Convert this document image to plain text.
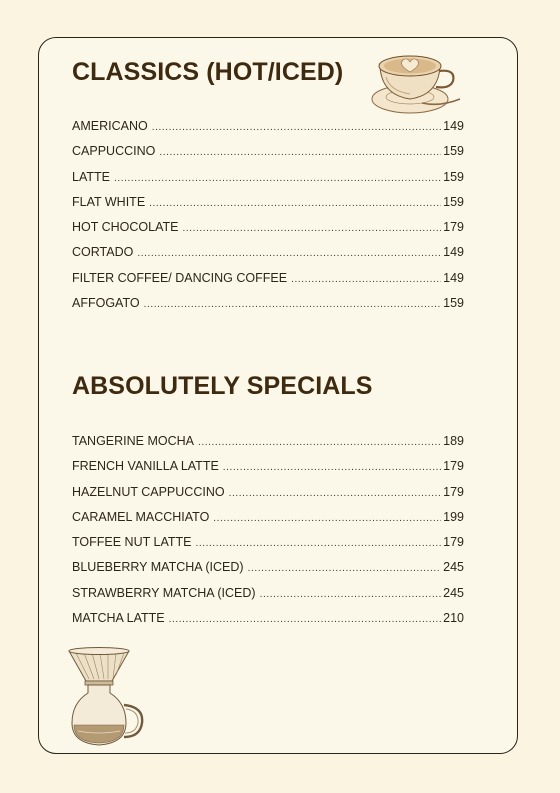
CLASSICS (HOT/ICED)
AMERICANO .....	149
CAPPUCCINO .....	159
LATTE .....	159
FLAT WHITE .....	159
HOT CHOCOLATE .....	179
CORTADO .....	149
FILTER COFFEE/ DANCING COFFEE .....	149
AFFOGATO .....	159
ABSOLUTELY SPECIALS
TANGERINE MOCHA .....	189
FRENCH VANILLA LATTE .....	179
HAZELNUT CAPPUCCINO .....	179
CARAMEL MACCHIATO .....	199
TOFFEE NUT LATTE .....	179
BLUEBERRY MATCHA (ICED) .....	245
STRAWBERRY MATCHA (ICED) .....	245
MATCHA LATTE .....	210
